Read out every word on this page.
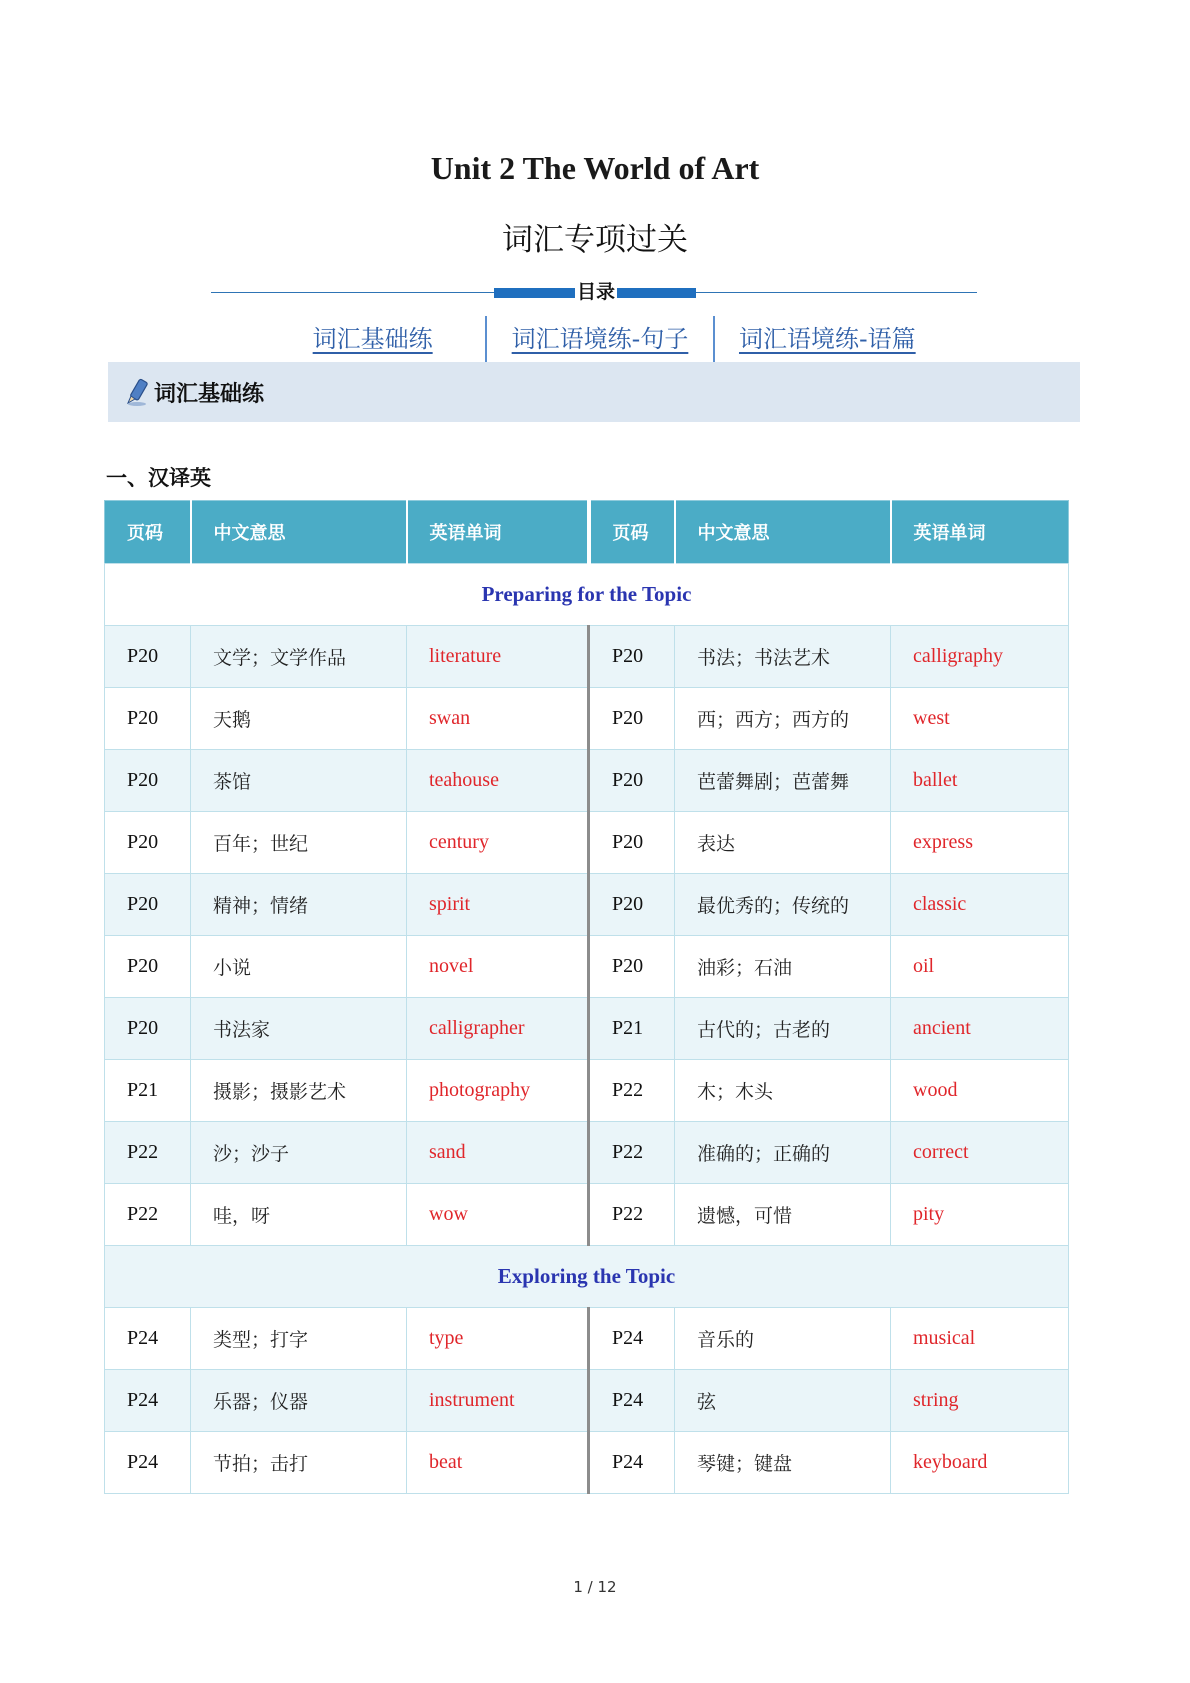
Unit 2 The World of Art
词汇专项过关
目录
词汇基础练	词汇语境练-句子	词汇语境练-语篇
词汇基础练
一、汉译英
页码	中文意思	英语单词	页码	中文意思	英语单词
Preparing for the Topic					
P20	文学；文学作品	literature	P20	书法；书法艺术	calligraphy
P20	天鹅	swan	P20	西；西方；西方的	west
P20	茶馆	teahouse	P20	芭蕾舞剧；芭蕾舞	ballet
P20	百年；世纪	century	P20	表达	express
P20	精神；情绪	spirit	P20	最优秀的；传统的	classic
P20	小说	novel	P20	油彩；石油	oil
P20	书法家	calligrapher	P21	古代的；古老的	ancient
P21	摄影；摄影艺术	photography	P22	木；木头	wood
P22	沙；沙子	sand	P22	准确的；正确的	correct
P22	哇，呀	wow	P22	遗憾，可惜	pity
Exploring the Topic					
P24	类型；打字	type	P24	音乐的	musical
P24	乐器；仪器	instrument	P24	弦	string
P24	节拍；击打	beat	P24	琴键；键盘	keyboard
1 / 12
